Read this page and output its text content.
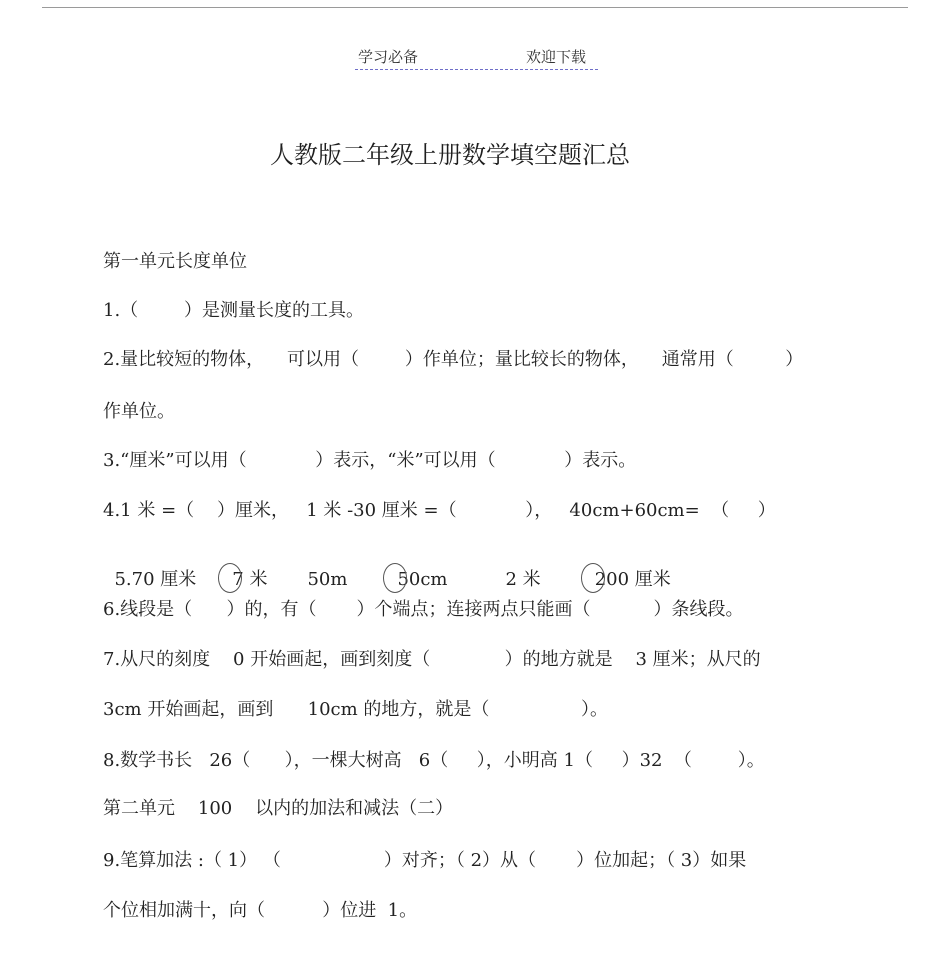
学习必备	欢迎下载
人教版二年级上册数学填空题汇总
第一单元长度单位
1.（        ）是测量长度的工具。
2.量比较短的物体，    可以用（        ）作单位；量比较长的物体，    通常用（         ）
作单位。
3.“厘米”可以用（            ）表示，“米”可以用（            ）表示。
4.1 米 =（    ）厘米，   1 米 -30 厘米 =（            ），   40cm+60cm=  （     ）

5.70 厘米 7 米 50m	50cm	2 米	200 厘米

6.线段是（      ）的，有（       ）个端点；连接两点只能画（           ）条线段。
7.从尺的刻度    0 开始画起，画到刻度（             ）的地方就是    3 厘米；从尺的
3cm 开始画起，画到      10cm 的地方，就是（                ）。
8.数学书长   26（      ），一棵大树高   6（     ），小明高 1（     ）32  （        ）。
第二单元    100    以内的加法和减法（二）
9.笔算加法 :（ 1） （                  ）对齐；（ 2）从（       ）位加起；（ 3）如果
个位相加满十，向（          ）位进  1。
